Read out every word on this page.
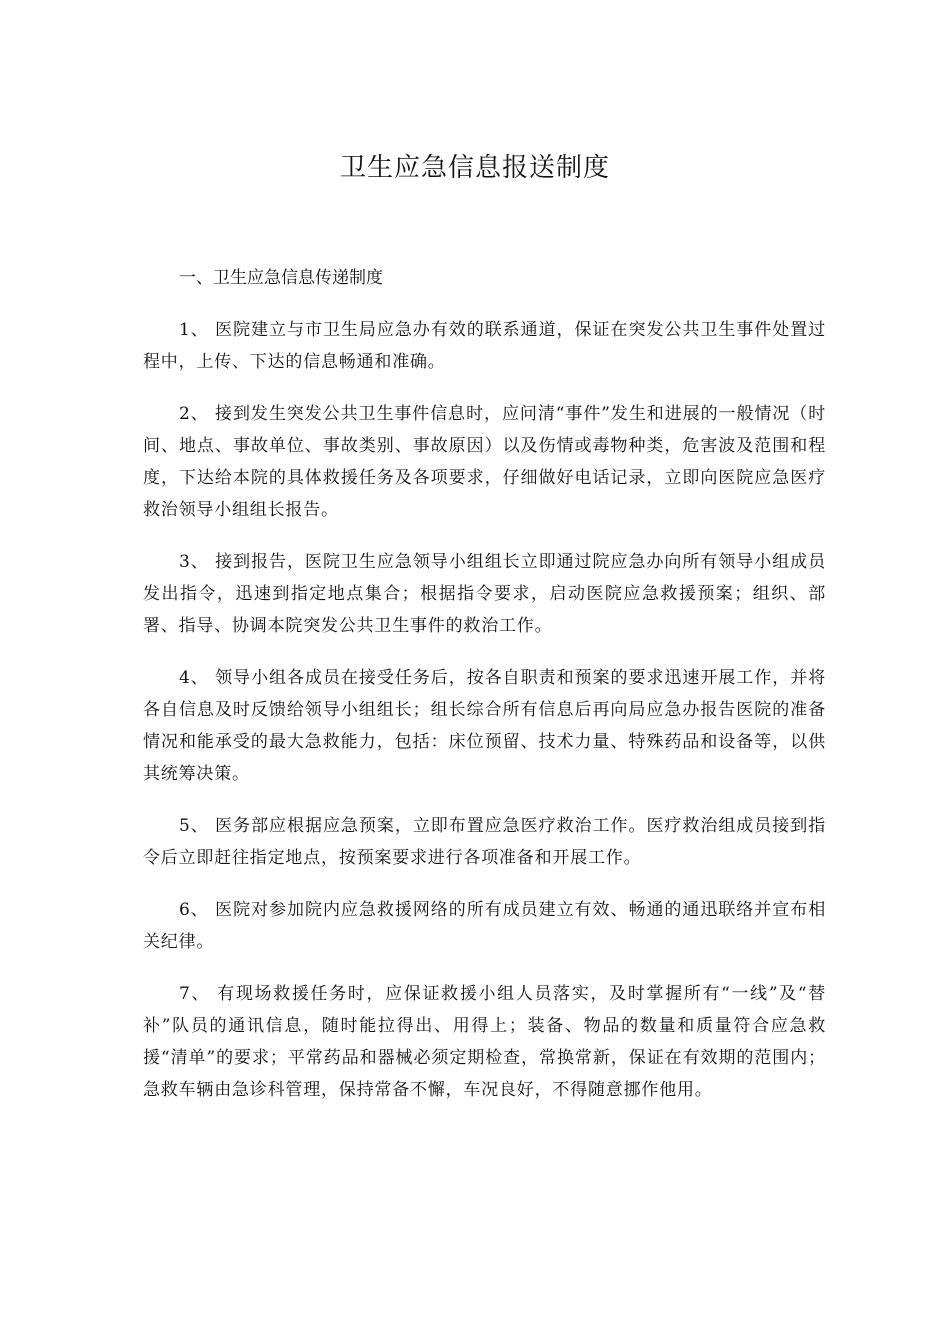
卫生应急信息报送制度

一、卫生应急信息传递制度

1、 医院建立与市卫生局应急办有效的联系通道，保证在突发公共卫生事件处置过程中，上传、下达的信息畅通和准确。

2、 接到发生突发公共卫生事件信息时，应问清“事件”发生和进展的一般情况（时间、地点、事故单位、事故类别、事故原因）以及伤情或毒物种类，危害波及范围和程度，下达给本院的具体救援任务及各项要求，仔细做好电话记录，立即向医院应急医疗救治领导小组组长报告。

3、 接到报告，医院卫生应急领导小组组长立即通过院应急办向所有领导小组成员发出指令，迅速到指定地点集合；根据指令要求，启动医院应急救援预案；组织、部署、指导、协调本院突发公共卫生事件的救治工作。

4、 领导小组各成员在接受任务后，按各自职责和预案的要求迅速开展工作，并将各自信息及时反馈给领导小组组长；组长综合所有信息后再向局应急办报告医院的准备情况和能承受的最大急救能力，包括：床位预留、技术力量、特殊药品和设备等，以供其统筹决策。

5、 医务部应根据应急预案，立即布置应急医疗救治工作。医疗救治组成员接到指令后立即赶往指定地点，按预案要求进行各项准备和开展工作。

6、 医院对参加院内应急救援网络的所有成员建立有效、畅通的通迅联络并宣布相关纪律。

7、 有现场救援任务时，应保证救援小组人员落实，及时掌握所有“一线”及“替补”队员的通讯信息，随时能拉得出、用得上；装备、物品的数量和质量符合应急救援“清单”的要求；平常药品和器械必须定期检查，常换常新，保证在有效期的范围内；急救车辆由急诊科管理，保持常备不懈，车况良好，不得随意挪作他用。
